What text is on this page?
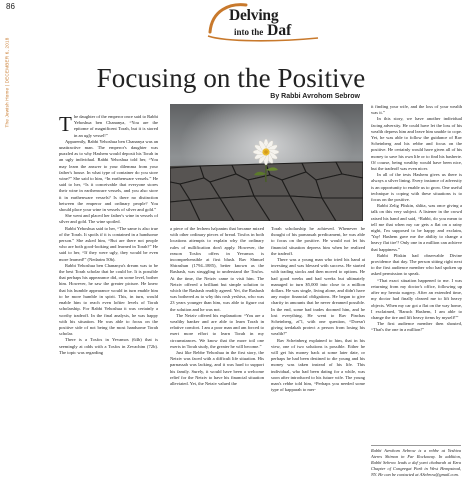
86
The Jewish Home | DECEMBER 6, 2018
Delving
into the Daf
Focusing on the Positive
By Rabbi Avrohom Sebrow

The daughter of the emperor once said to Rabbi Yehoshua ben Chananya, “You are the epitome of magnificent Torah, but it is stored in an ugly vessel!”

Apparently, Rabbi Yehoshua ben Chananya was an unattractive man. The emperor's daughter was puzzled as to why Hashem would deposit his Torah in an ugly individual. Rabbi Yehoshua told her, “You may learn the answer to your dilemma from your father's house. In what type of container do you store wine?” She said to him, “In earthenware vessels.” He said to her, “Is it conceivable that everyone stores their wine in earthenware vessels, and you also store it in earthenware vessels? Is there no distinction between the emperor and ordinary people? You should place your wine in vessels of silver and gold.”

She went and placed her father's wine in vessels of silver and gold. The wine spoiled.

Rabbi Yehoshua said to her, “The same is also true of the Torah. It spoils if it is contained in a handsome person.” She asked him, “But are there not people who are both good-looking and learned in Torah?” He said to her, “If they were ugly, they would be even more learned!” (Nedarim 50b).

Rabbi Yehoshua ben Chananya's dream was to be the best Torah scholar that he could be. It is possible that perhaps his appearance did, on some level, bother him. However, he saw the greater picture. He knew that his humble appearance would in turn enable him to be more humble in spirit. This, in turn, would enable him to reach even loftier levels of Torah scholarship. For Rabbi Yehoshua it was certainly a worthy tradeoff. In the final analysis, he was happy with his situation. He was able to focus on the positive side of not being the most handsome Torah scholar.

There is a Tosfos in Yevamos (64b) that is seemingly at odds with a Tosfos in Zevachim (72b). The topic was regarding

a piece of the lechem ha'panim that became mixed with other ordinary pieces of bread. Tosfos in both locations attempts to explain why the ordinary rules of nullification don't apply. However, the reason Tosfos offers in Yevamos is incomprehensible at first blush. Rav Shmuel Shtrashun (1794–1885), better known as the Rashash, was struggling to understand the Tosfos. At the time, the Netziv came to visit him. The Netziv offered a brilliant but simple solution to which the Rashash readily agreed. Yet, the Rashash was bothered as to why this rosh yeshiva, who was 23 years younger than him, was able to figure out the solution and he was not.

The Netziv offered his explanation: “You are a wealthy banker and are able to learn Torah in relative comfort. I am a poor man and am forced to exert more effort to learn Torah in my circumstances. We know that the more toil one exerts in Torah study, the greater he will become.”

Just like Rebbe Yehoshua in the first story, the Netziv was faced with a difficult life situation. His parnassah was lacking, and it was hard to support his family. Surely, it would have been a welcome relief for the Netziv to have his financial situation alleviated. Yet, the Netziv valued the

Torah scholarship he achieved. Whenever he thought of his parnassah predicament, he was able to focus on the positive. He would not let his financial situation depress him when he realized the tradeoff.

There was a young man who tried his hand at investing and was blessed with success. He started with trading stocks and then moved to options. He had good weeks and bad weeks but ultimately managed to turn $5,000 into close to a million dollars. He was single, living alone, and didn't have any major financial obligations. He began to give charity in amounts that he never dreamed possible. In the end, some bad trades doomed him, and he lost everything. He went to Rav Pinchas Scheinberg, zt"l, with one question, “Doesn't giving tzedakah protect a person from losing his wealth?”

Rav Scheinberg explained to him, that in his view, one of two solutions is possible. Either he will get his money back at some later date, or perhaps he had been destined to die young and his money was taken instead of his life. This individual, who had been dating for a while, was soon after introduced to his future wife. The young man's rebbe told him, “Perhaps you needed some type of kapparah to mer-

it finding your wife, and the loss of your wealth was it.”

In this story, we have another individual facing adversity. He could have let the loss of his wealth depress him and leave him unable to cope. Yet, he was able to follow the guidance of Rav Scheinberg and his rebbe and focus on the positive. He certainly would have given all of his money to save his own life or to find his basherte. Of course, being wealthy would have been nice, but the tradeoff was even nicer.

In all of the tests Hashem gives us there is always a silver lining. Every instance of adversity is an opportunity to enable us to grow. One useful technique is coping with these situations is to focus on the positive.

Rabbi Zelig Pliskin, shlita, was once giving a talk on this very subject. A listener in the crowd raised his hand and said, “Rabbi, do you mean to tell me that when my car gets a flat on a rainy night, I'm supposed to be happy and exclaim, 'Yay! Hashem gave me the ability to change a heavy flat tire'? Only one in a million can achieve that happiness.”

Rabbi Pliskin had observable Divine providence that day. The person sitting right next to the first audience member who had spoken up asked permission to speak.

“That exact situation happened to me. I was returning from my doctor's office, following up after my hernia surgery. After an extended time, my doctor had finally cleared me to lift heavy objects. When my car got a flat on the way home, I exclaimed, 'Baruch Hashem, I am able to change the tire and lift heavy items by myself!'”

The first audience member then shouted, “That's the one in a million!”

Rabbi Avrohom Sebrow is a rebbe at Yeshiva Ateres Shimon in Far Rockaway. In addition, Rabbi Sebrow leads a daf yomi chaburah at Ezra Chapter of Congregat Park in West Hempstead, NY. He can be contacted at ASebrow@gmail.com.
